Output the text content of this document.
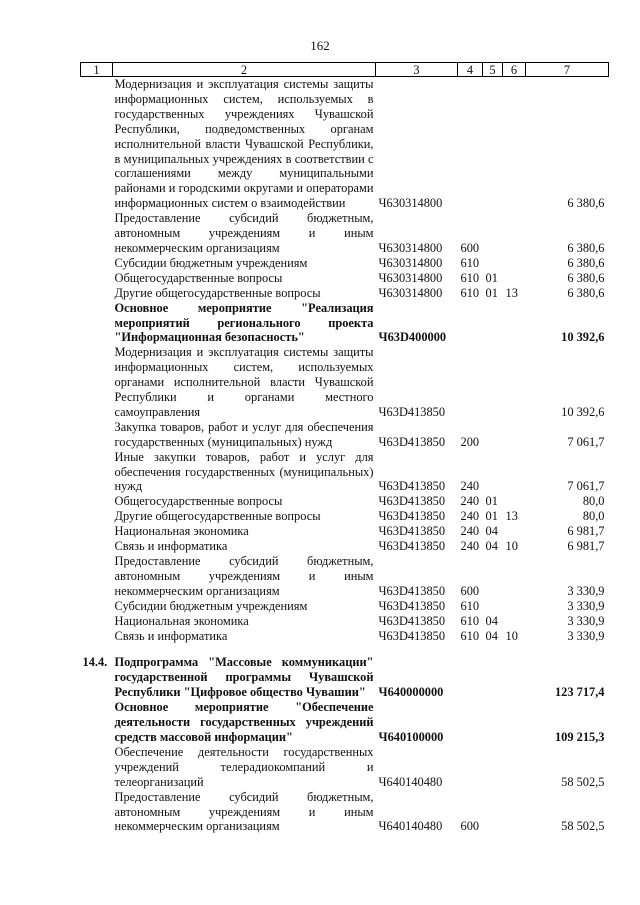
162
1	2	3	4	5	6	7
	Модернизация и эксплуатация системы защиты информационных систем, используемых в государственных учреждениях Чувашской Республики, подведомственных органам исполнительной власти Чувашской Республики, в муниципальных учреждениях в соответствии с соглашениями между муниципальными районами и городскими округами и операторами информационных систем о взаимодействии	Ч630314800				6 380,6
	Предоставление субсидий бюджетным, автономным учреждениям и иным некоммерческим организациям	Ч630314800	600			6 380,6
	Субсидии бюджетным учреждениям	Ч630314800	610			6 380,6
	Общегосударственные вопросы	Ч630314800	610	01		6 380,6
	Другие общегосударственные вопросы	Ч630314800	610	01	13	6 380,6
	Основное мероприятие "Реализация мероприятий регионального проекта "Информационная безопасность"	Ч63D400000				10 392,6
	Модернизация и эксплуатация системы защиты информационных систем, используемых органами исполнительной власти Чувашской Республики и органами местного самоуправления	Ч63D413850				10 392,6
	Закупка товаров, работ и услуг для обеспечения государственных (муниципальных) нужд	Ч63D413850	200			7 061,7
	Иные закупки товаров, работ и услуг для обеспечения государственных (муниципальных) нужд	Ч63D413850	240			7 061,7
	Общегосударственные вопросы	Ч63D413850	240	01		80,0
	Другие общегосударственные вопросы	Ч63D413850	240	01	13	80,0
	Национальная экономика	Ч63D413850	240	04		6 981,7
	Связь и информатика	Ч63D413850	240	04	10	6 981,7
	Предоставление субсидий бюджетным, автономным учреждениям и иным некоммерческим организациям	Ч63D413850	600			3 330,9
	Субсидии бюджетным учреждениям	Ч63D413850	610			3 330,9
	Национальная экономика	Ч63D413850	610	04		3 330,9
	Связь и информатика	Ч63D413850	610	04	10	3 330,9

14.4.	Подпрограмма "Массовые коммуникации" государственной программы Чувашской Республики "Цифровое общество Чувашии"	Ч640000000				123 717,4
	Основное мероприятие "Обеспечение деятельности государственных учреждений средств массовой информации"	Ч640100000				109 215,3
	Обеспечение деятельности государственных учреждений телерадиокомпаний и телеорганизаций	Ч640140480				58 502,5
	Предоставление субсидий бюджетным, автономным учреждениям и иным некоммерческим организациям	Ч640140480	600			58 502,5
